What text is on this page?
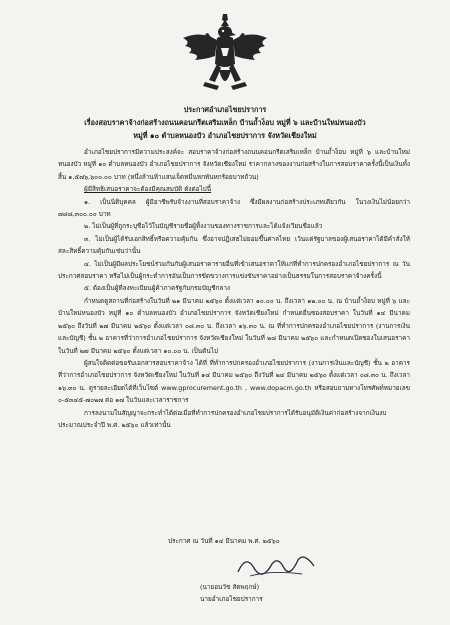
ประกาศอำเภอไชยปราการ
เรื่องสอบราคาจ้างก่อสร้างถนนคอนกรีตเสริมเหล็ก บ้านถ้ำง็อบ หมู่ที่ ๖ และบ้านใหม่หนองบัว
หมู่ที่ ๑๐ ตำบลหนองบัว อำเภอไชยปราการ จังหวัดเชียงใหม่

อำเภอไชยปราการมีความประสงค์จะ สอบราคาจ้างก่อสร้างถนนคอนกรีตเสริมเหล็ก บ้านถ้ำง็อบ หมู่ที่ ๖ และบ้านใหม่หนองบัว หมู่ที่ ๑๐ ตำบลหนองบัว อำเภอไชยปราการ จังหวัดเชียงใหม่ ราคากลางของงานก่อสร้างในการสอบราคาครั้งนี้เป็นเงินทั้งสิ้น ๑,๕๗๖,๖๐๐.๐๐ บาท (หนึ่งล้านห้าแสนเจ็ดหมื่นหกพันหกร้อยบาทถ้วน)

ผู้มีสิทธิเสนอราคาจะต้องมีคุณสมบัติ ดังต่อไปนี้

๑. เป็นนิติบุคคล ผู้มีอาชีพรับจ้างงานที่สอบราคาจ้าง ซึ่งมีผลงานก่อสร้างประเภทเดียวกัน ในวงเงินไม่น้อยกว่า ๗๘๘,๓๐๐.๐๐ บาท

๒. ไม่เป็นผู้ที่ถูกระบุชื่อไว้ในบัญชีรายชื่อผู้ทิ้งงานของทางราชการและได้แจ้งเวียนชื่อแล้ว

๓. ไม่เป็นผู้ได้รับเอกสิทธิ์หรือความคุ้มกัน ซึ่งอาจปฏิเสธไม่ยอมขึ้นศาลไทย เว้นแต่รัฐบาลของผู้เสนอราคาได้มีคำสั่งให้สละสิทธิ์ความคุ้มกันเช่นว่านั้น

๔. ไม่เป็นผู้มีผลประโยชน์ร่วมกันกับผู้เสนอราคารายอื่นที่เข้าเสนอราคาให้แก่ที่ทำการปกครองอำเภอไชยปราการ ณ วันประกาศสอบราคา หรือไม่เป็นผู้กระทำการอันเป็นการขัดขวางการแข่งขันราคาอย่างเป็นธรรมในการสอบราคาจ้างครั้งนี้

๕. ต้องเป็นผู้ที่ลงทะเบียนผู้ค้าภาครัฐกับกรมบัญชีกลาง

กำหนดดูสถานที่ก่อสร้างในวันที่ ๒๑ มีนาคม ๒๕๖๐ ตั้งแต่เวลา ๑๐.๐๐ น. ถึงเวลา ๑๒.๐๐ น. ณ บ้านถ้ำง็อบ หมู่ที่ ๖ และบ้านใหม่หนองบัว หมู่ที่ ๑๐ ตำบลหนองบัว อำเภอไชยปราการ จังหวัดเชียงใหม่ กำหนดยื่นซองสอบราคา ในวันที่ ๑๔ มีนาคม ๒๕๖๐ ถึงวันที่ ๒๗ มีนาคม ๒๕๖๐ ตั้งแต่เวลา ๐๘.๓๐ น. ถึงเวลา ๑๖.๓๐ น. ณ ที่ทำการปกครองอำเภอไชยปราการ (งานการเงินและบัญชี) ชั้น ๒ อาคารที่ว่าการอำเภอไชยปราการ จังหวัดเชียงใหม่ ในวันที่ ๒๘ มีนาคม ๒๕๖๐ และกำหนดเปิดซองใบเสนอราคาในวันที่ ๒๗ มีนาคม ๒๕๖๐ ตั้งแต่เวลา ๑๐.๐๐ น. เป็นต้นไป

ผู้สนใจติดต่อขอรับเอกสารสอบราคาจ้าง ได้ที่ ที่ทำการปกครองอำเภอไชยปราการ (งานการเงินและบัญชี) ชั้น ๒ อาคารที่ว่าการอำเภอไชยปราการ จังหวัดเชียงใหม่ ในวันที่ ๑๔ มีนาคม ๒๕๖๐ ถึงวันที่ ๒๔ มีนาคม ๒๕๖๐ ตั้งแต่เวลา ๐๘.๓๐ น. ถึงเวลา ๑๖.๓๐ น. ดูรายละเอียดได้ที่เว็บไซต์ www.gprocurement.go.th , www.dopacm.go.th หรือสอบถามทางโทรศัพท์หมายเลข ๐-๕๓๔๕-๗๐๒๗ ต่อ ๑๗ ในวันและเวลาราชการ

การลงนามในสัญญาจะกระทำได้ต่อเมื่อที่ทำการปกครองอำเภอไชยปราการได้รับอนุมัติเงินค่าก่อสร้างจากเงินงบประมาณประจำปี พ.ศ. ๒๕๖๐ แล้วเท่านั้น

ประกาศ ณ วันที่ ๑๔ มีนาคม พ.ศ. ๒๕๖๐
(นายอนวัช สัตพฤกษ์)
นายอำเภอไชยปราการ
